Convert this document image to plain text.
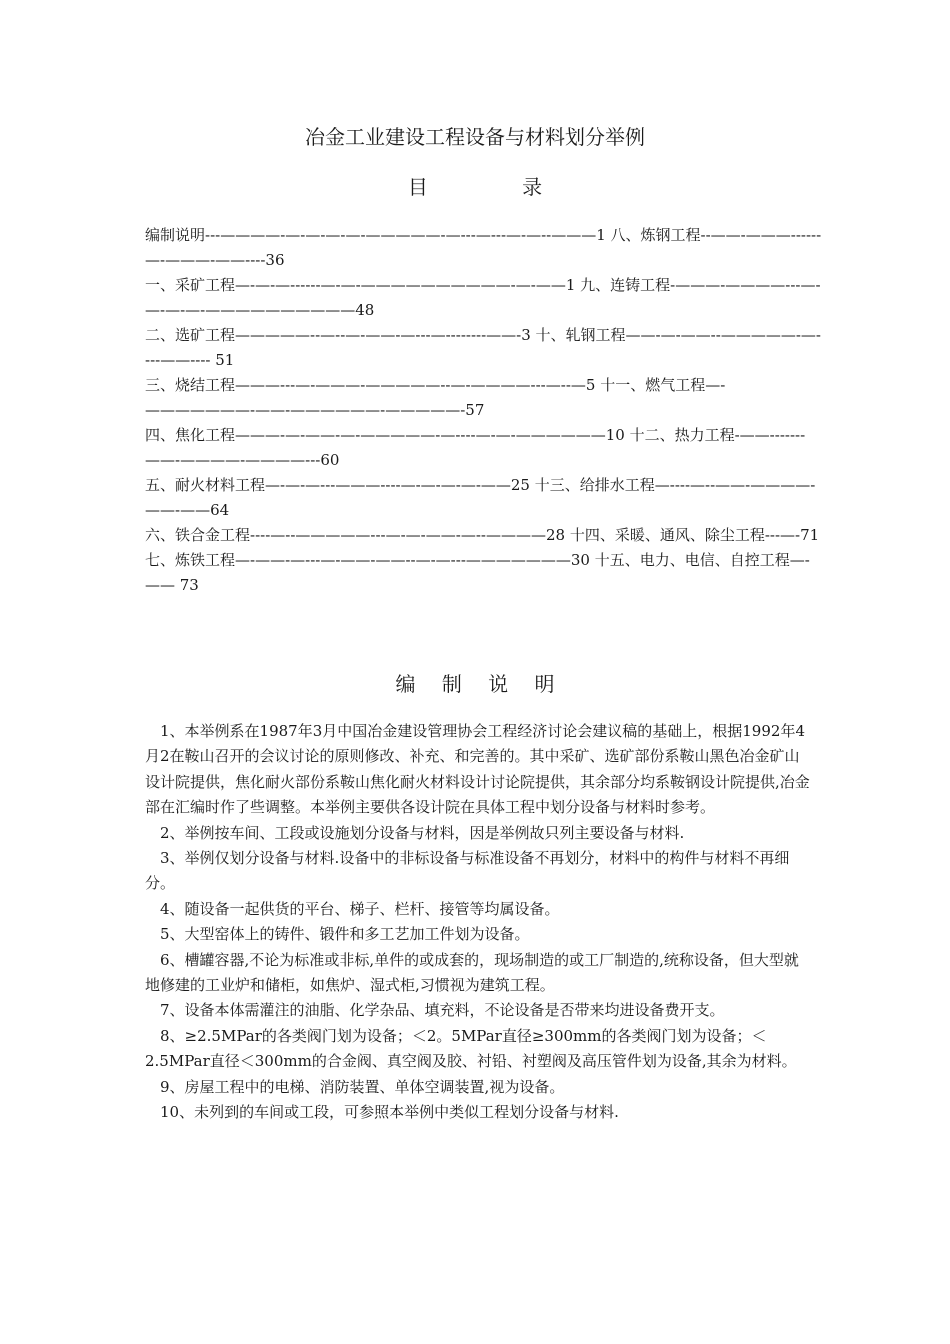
冶金工业建设工程设备与材料划分举例
目	录
编制说明---————-—-—-—-—-—————-—---—---—-—--———1 八、炼钢工程--——-———------—-———-——----36
一、采矿工程—-—-—------—-—-——————————-—-——1 九、连铸工程-———-————---—-—-—-—-——————————48
二、选矿工程—————--—--—-——-—---—--------——-3 十、轧钢工程——-—-——--—————-—----——---- 51
三、烧结工程———---—-———-—————--—-————---—--—5 十一、燃气工程—-———————-——-——————-—————-57
四、焦化工程———-—-——-—-—————-—----—-—-——————10 十二、热力工程-——-------——-————-————---60
五、耐火材料工程—-—-—---———----—-—-—-—-——25 十三、给排水工程—----—--——-————-——-——64
六、铁合金工程----—--—————---—-—-——-—--————28 十四、采暖、通风、除尘工程---—-71
七、炼铁工程—-——-—---—-——-——--—-—---———————30 十五、电力、电信、自控工程—-—— 73
编 制 说 明

1、本举例系在1987年3月中国冶金建设管理协会工程经济讨论会建议稿的基础上，根据1992年4月2在鞍山召开的会议讨论的原则修改、补充、和完善的。其中采矿、选矿部份系鞍山黑色冶金矿山设计院提供，焦化耐火部份系鞍山焦化耐火材料设计讨论院提供，其余部分均系鞍钢设计院提供,冶金部在汇编时作了些调整。本举例主要供各设计院在具体工程中划分设备与材料时参考。

2、举例按车间、工段或设施划分设备与材料，因是举例故只列主要设备与材料.

3、举例仅划分设备与材料.设备中的非标设备与标准设备不再划分，材料中的构件与材料不再细分。

4、随设备一起供货的平台、梯子、栏杆、接管等均属设备。

5、大型窑体上的铸件、锻件和多工艺加工件划为设备。

6、槽罐容器,不论为标准或非标,单件的或成套的，现场制造的或工厂制造的,统称设备，但大型就地修建的工业炉和储柜，如焦炉、湿式柜,习惯视为建筑工程。

7、设备本体需灌注的油脂、化学杂品、填充料，不论设备是否带来均进设备费开支。

8、≥2.5MPar的各类阀门划为设备；＜2。5MPar直径≥300mm的各类阀门划为设备；＜2.5MPar直径＜300mm的合金阀、真空阀及胶、衬铅、衬塑阀及高压管件划为设备,其余为材料。

9、房屋工程中的电梯、消防装置、单体空调装置,视为设备。

10、未列到的车间或工段，可参照本举例中类似工程划分设备与材料.
